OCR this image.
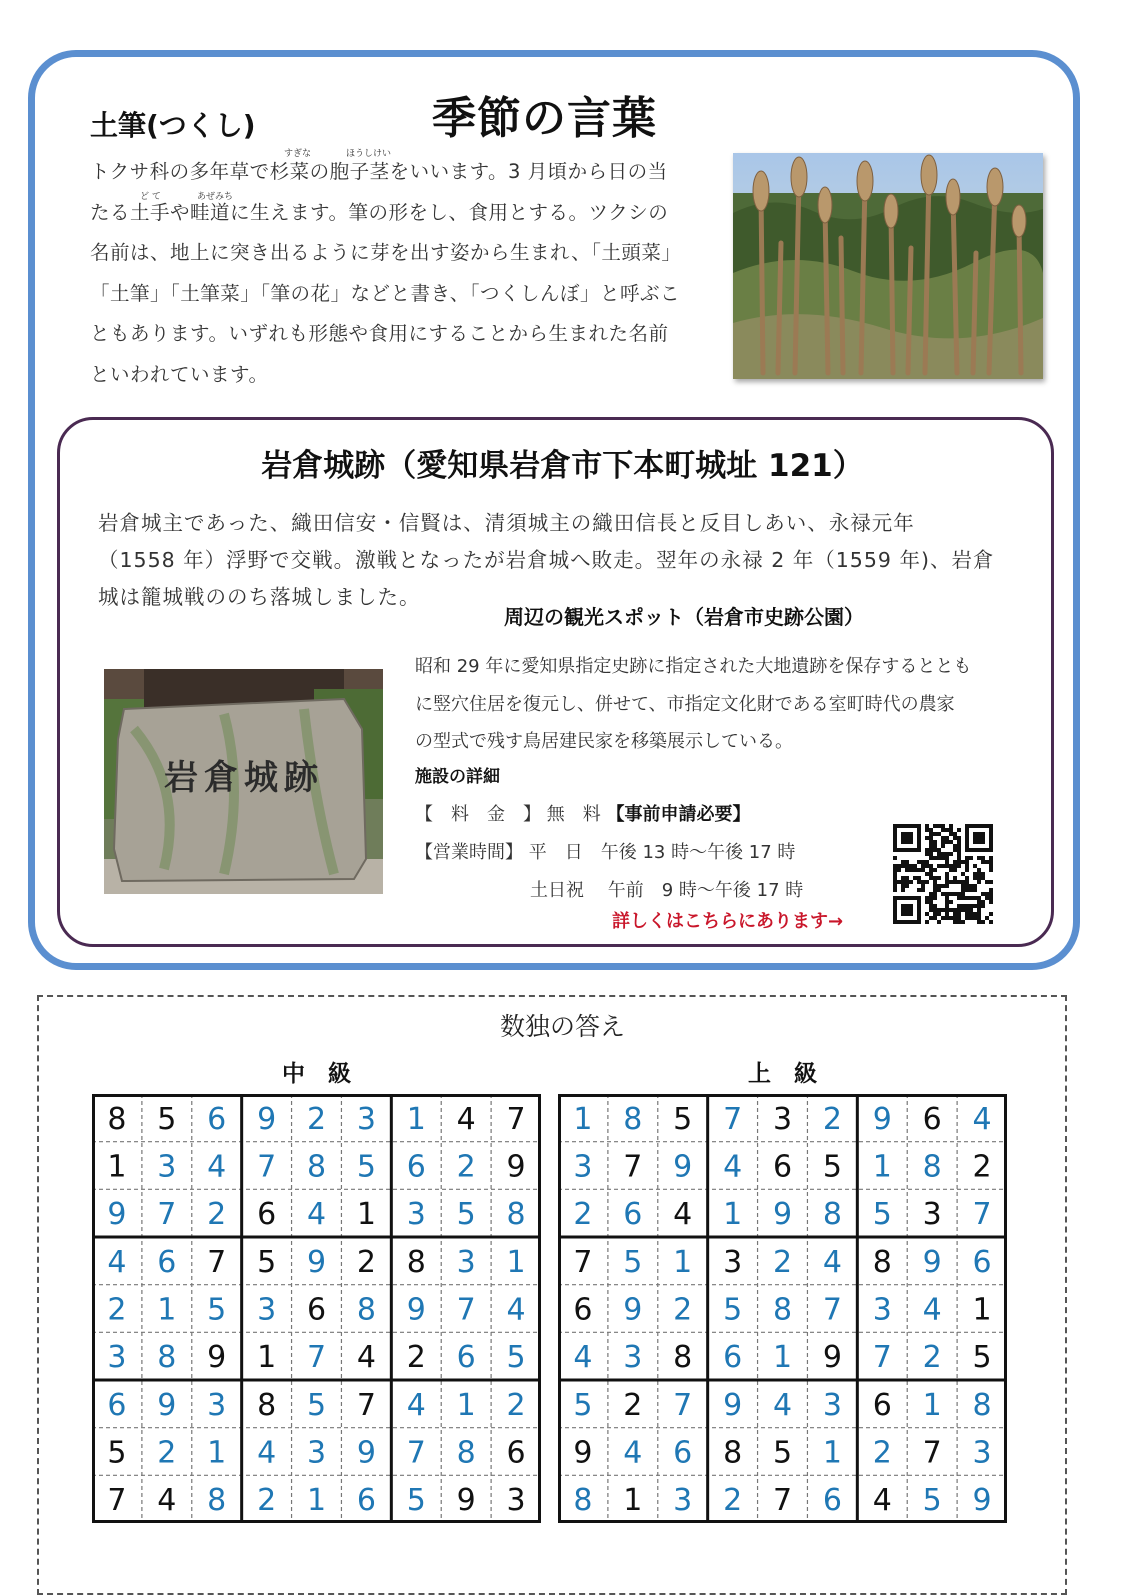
季節の言葉
土筆(つくし)
すぎな	ほうしけい
ど て	あぜみち

トクサ科の多年草で杉菜の胞子茎をいいます。3 月頃から日の当

たる土手や畦道に生えます。筆の形をし、食用とする。ツクシの

名前は、地上に突き出るように芽を出す姿から生まれ、「土頭菜」

「土筆」「土筆菜」「筆の花」などと書き、「つくしんぼ」と呼ぶこ

ともあります。いずれも形態や食用にすることから生まれた名前

といわれています。

岩倉城跡（愛知県岩倉市下本町城址 121）

岩倉城主であった、織田信安・信賢は、清須城主の織田信長と反目しあい、永禄元年

（1558 年）浮野で交戦。激戦となったが岩倉城へ敗走。翌年の永禄 2 年（1559 年)、岩倉

城は籠城戦ののち落城しました。

周辺の観光スポット（岩倉市史跡公園）
岩倉城跡

昭和 29 年に愛知県指定史跡に指定された大地遺跡を保存するととも

に竪穴住居を復元し、併せて、市指定文化財である室町時代の農家

の型式で残す鳥居建民家を移築展示している。

施設の詳細
【　料　金　】 無　料 【事前申請必要】
【営業時間】 平　日　午後 13 時～午後 17 時
土日祝　 午前　9 時～午後 17 時
詳しくはこちらにあります→
数独の答え
中　級	上　級
8 5 6 9 2 3 1 4 7
1 3 4 7 8 5 6 2 9
9 7 2 6 4 1 3 5 8
4 6 7 5 9 2 8 3 1
2 1 5 3 6 8 9 7 4
3 8 9 1 7 4 2 6 5
6 9 3 8 5 7 4 1 2
5 2 1 4 3 9 7 8 6
7 4 8 2 1 6 5 9 3
1 8 5 7 3 2 9 6 4
3 7 9 4 6 5 1 8 2
2 6 4 1 9 8 5 3 7
7 5 1 3 2 4 8 9 6
6 9 2 5 8 7 3 4 1
4 3 8 6 1 9 7 2 5
5 2 7 9 4 3 6 1 8
9 4 6 8 5 1 2 7 3
8 1 3 2 7 6 4 5 9
